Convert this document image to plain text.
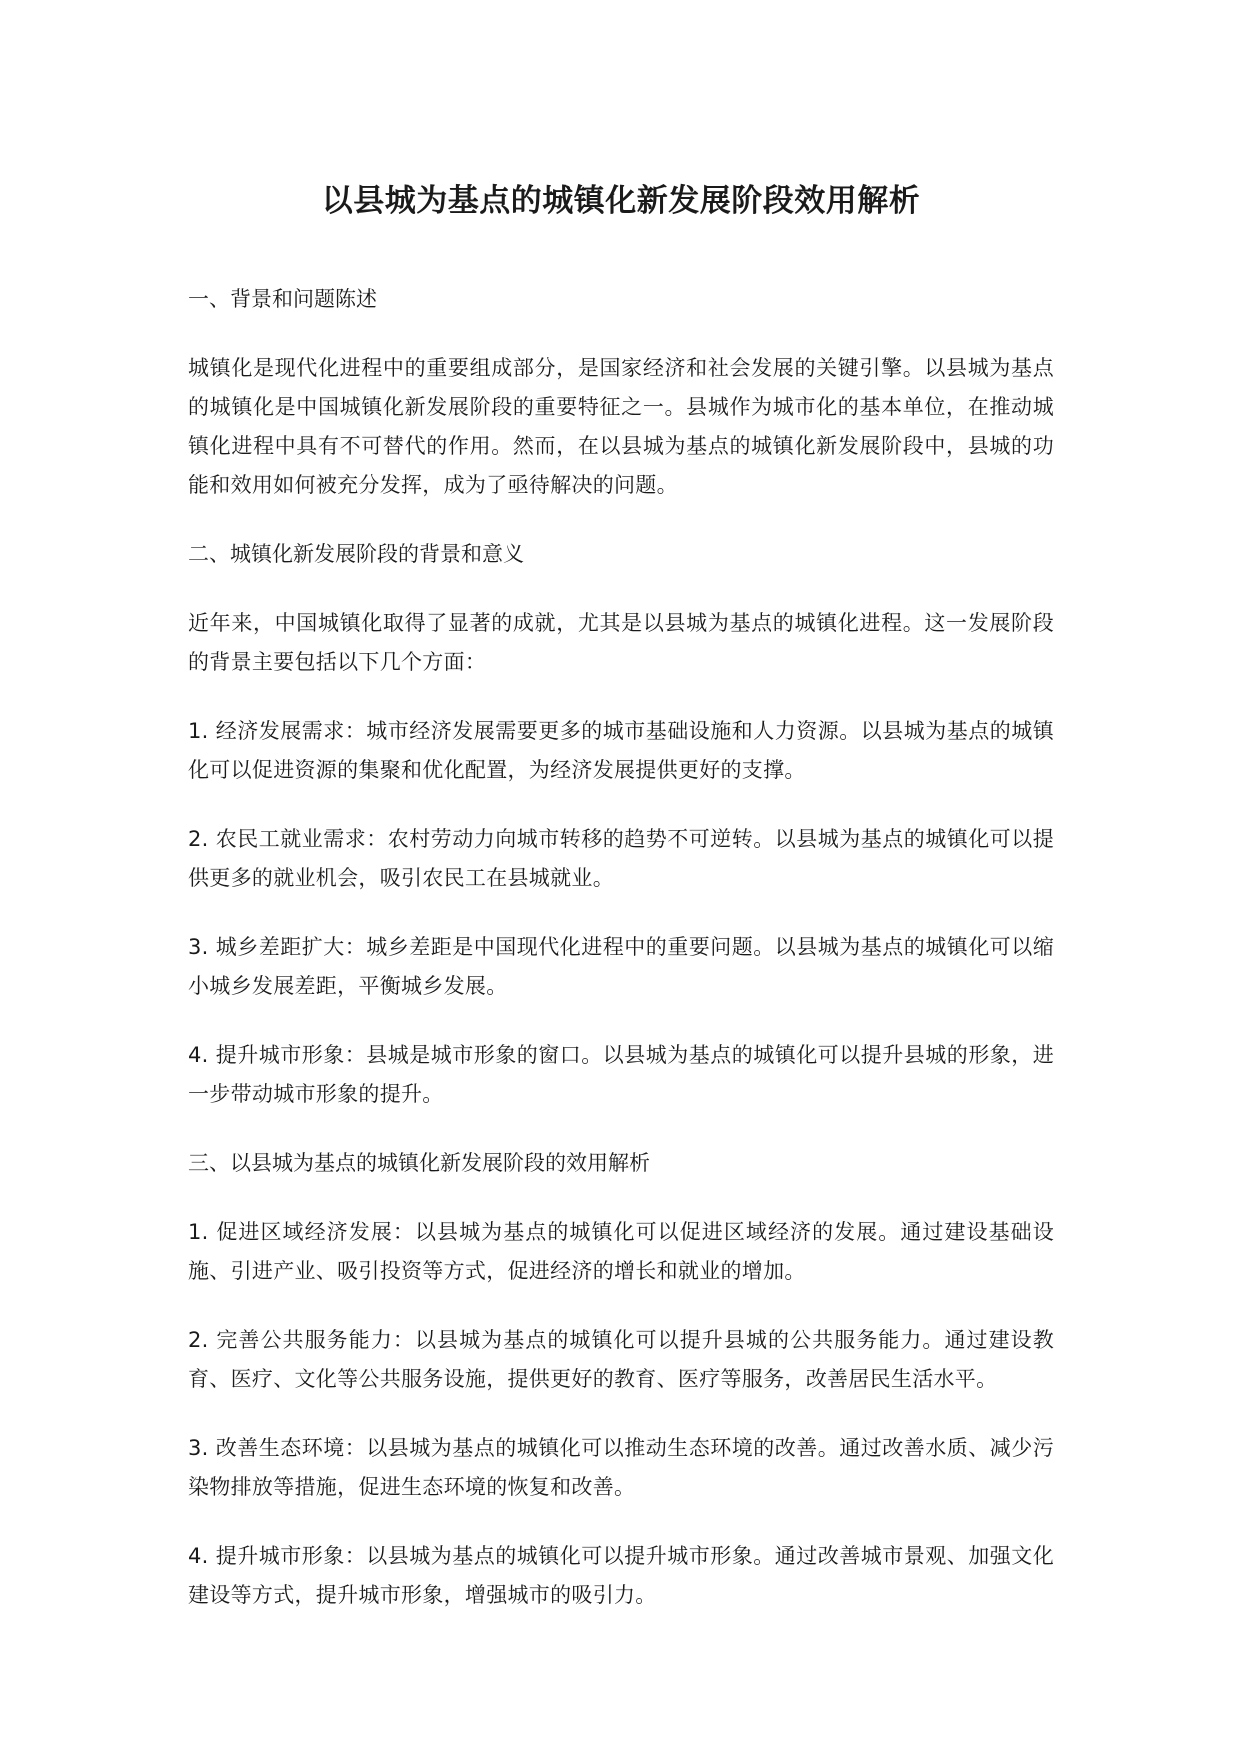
以县城为基点的城镇化新发展阶段效用解析
一、背景和问题陈述

城镇化是现代化进程中的重要组成部分，是国家经济和社会发展的关键引擎。以县城为基点的城镇化是中国城镇化新发展阶段的重要特征之一。县城作为城市化的基本单位，在推动城镇化进程中具有不可替代的作用。然而，在以县城为基点的城镇化新发展阶段中，县城的功能和效用如何被充分发挥，成为了亟待解决的问题。

二、城镇化新发展阶段的背景和意义

近年来，中国城镇化取得了显著的成就，尤其是以县城为基点的城镇化进程。这一发展阶段的背景主要包括以下几个方面：

1. 经济发展需求：城市经济发展需要更多的城市基础设施和人力资源。以县城为基点的城镇化可以促进资源的集聚和优化配置，为经济发展提供更好的支撑。

2. 农民工就业需求：农村劳动力向城市转移的趋势不可逆转。以县城为基点的城镇化可以提供更多的就业机会，吸引农民工在县城就业。

3. 城乡差距扩大：城乡差距是中国现代化进程中的重要问题。以县城为基点的城镇化可以缩小城乡发展差距，平衡城乡发展。

4. 提升城市形象：县城是城市形象的窗口。以县城为基点的城镇化可以提升县城的形象，进一步带动城市形象的提升。

三、以县城为基点的城镇化新发展阶段的效用解析

1. 促进区域经济发展：以县城为基点的城镇化可以促进区域经济的发展。通过建设基础设施、引进产业、吸引投资等方式，促进经济的增长和就业的增加。

2. 完善公共服务能力：以县城为基点的城镇化可以提升县城的公共服务能力。通过建设教育、医疗、文化等公共服务设施，提供更好的教育、医疗等服务，改善居民生活水平。

3. 改善生态环境：以县城为基点的城镇化可以推动生态环境的改善。通过改善水质、减少污染物排放等措施，促进生态环境的恢复和改善。

4. 提升城市形象：以县城为基点的城镇化可以提升城市形象。通过改善城市景观、加强文化建设等方式，提升城市形象，增强城市的吸引力。
